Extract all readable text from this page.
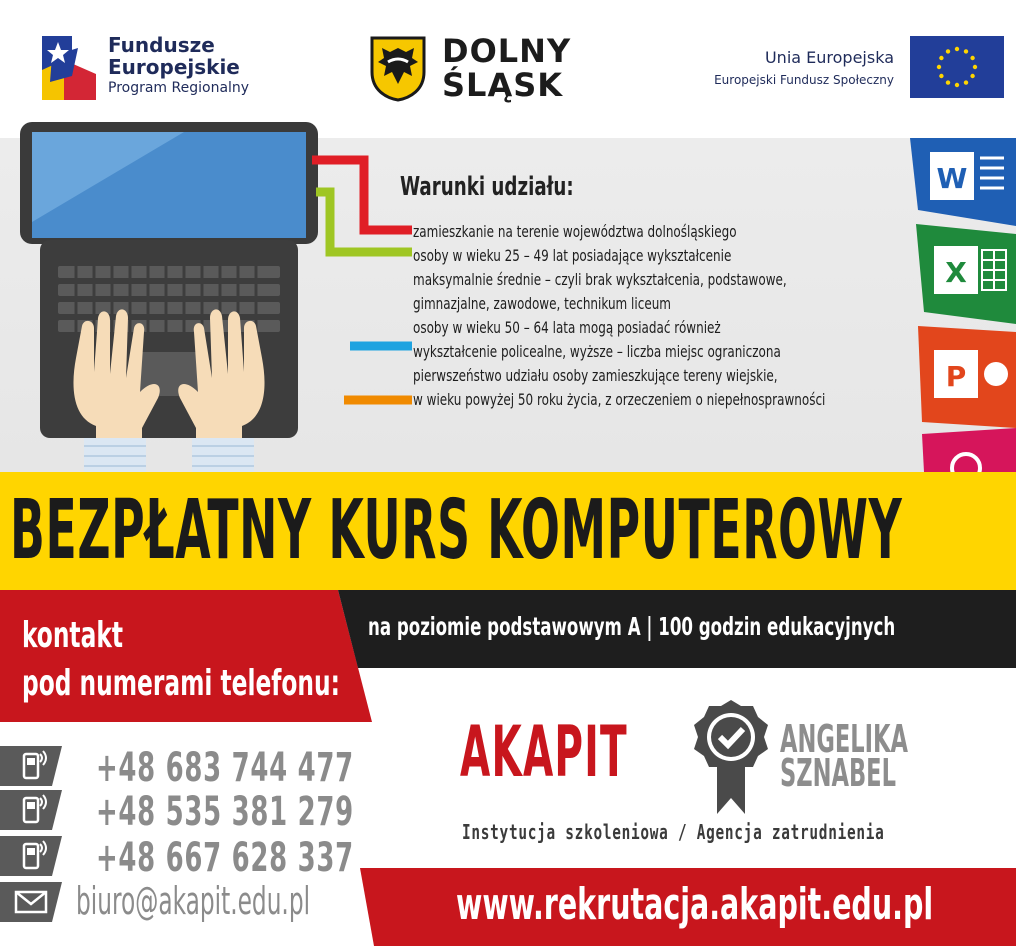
Fundusze
Europejskie
Program Regionalny
DOLNY
ŚLĄSK
Unia Europejska
Europejski Fundusz Społeczny
Warunki udziału:
zamieszkanie na terenie województwa dolnośląskiego
osoby w wieku 25 – 49 lat posiadające wykształcenie
maksymalnie średnie – czyli brak wykształcenia, podstawowe,
gimnazjalne, zawodowe, technikum liceum
osoby w wieku 50 – 64 lata mogą posiadać również
wykształcenie policealne, wyższe – liczba miejsc ograniczona
pierwszeństwo udziału osoby zamieszkujące tereny wiejskie,
w wieku powyżej 50 roku życia, z orzeczeniem o niepełnosprawności
W
X
P
BEZPŁATNY KURS KOMPUTEROWY
kontakt
pod numerami telefonu:
na poziomie podstawowym A | 100 godzin edukacyjnych
+48 683 744 477
+48 535 381 279
+48 667 628 337
biuro@akapit.edu.pl
AKAPIT	ANGELIKA
SZNABEL
Instytucja szkoleniowa / Agencja zatrudnienia
www.rekrutacja.akapit.edu.pl
